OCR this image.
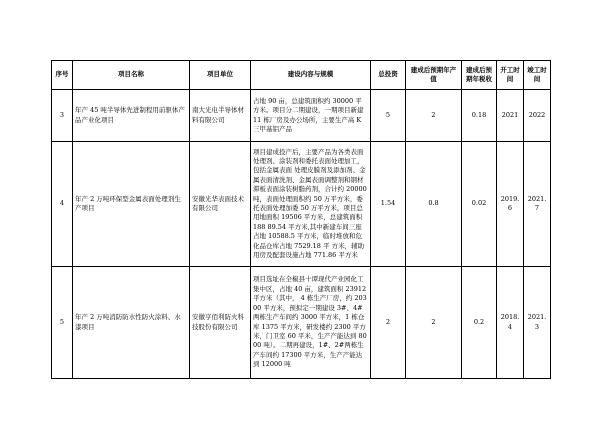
序号	项目名称	项目单位	建设内容与规模	总投资	建成后预期年产值	建成后预期年税收	开工时间	竣工时间
3	年产 45 吨半导体先进制程用前驱体产品产业化项目	南大光电半导体材料有限公司	占地 90 亩，总建筑面积约 30000 平方米。项目分二期建设，一期项目新建 11 栋厂房及办公场所，主要生产高 K 三甲基铝产品	5	2	0.18	2021	2022
4	年产 2 万吨环保型金属表面处理剂生产项目	安徽光华表面技术有限公司	项目建成投产后，主要产品为各类表面处理剂、涂装剂和委托表面处理加工，包括金属表面 处理皮膜剂及添加剂、金属表面清洗剂、金属表面调整剂和钢材滞板表面涂装树脂药剂，合计约 20000 吨，表面处理面积约 50 万平方米，委托表面处理加委 50 万平方米，项目总用地面积 19506 平方米，总建筑面积 188 89.54 平方米,其中新建车间三座占地 10588.5 平方米，临时堆放和危化品仓库占地 7529.18 平 方米，辅助用房及配套设施占地 771.86 平方米	1.54	0.8	0.02	2019.6	2021.7
5	年产 2 万吨消防防水性防火涂料、水漆项目	安徽亨佰利防火科技股份有限公司	项目选址在全椒县十谭现代产业园化工集中区，占地 40 亩，建筑面积 23912 平方米（其中， 4 栋生产厂房，约 20300 平方米，预拟定一期建设 3#、4#两栋生产车间约 3000 平方米，1 栋仓库 1375 平方米，研发楼约 2300 平方米，门卫室 60 平米，生产产能达到 8000 吨）。二期再建设，1#、2#两栋生产车间约 17300 平方米，生产产能达到 12000 吨	2	2	0.2	2018.4	2021.3
